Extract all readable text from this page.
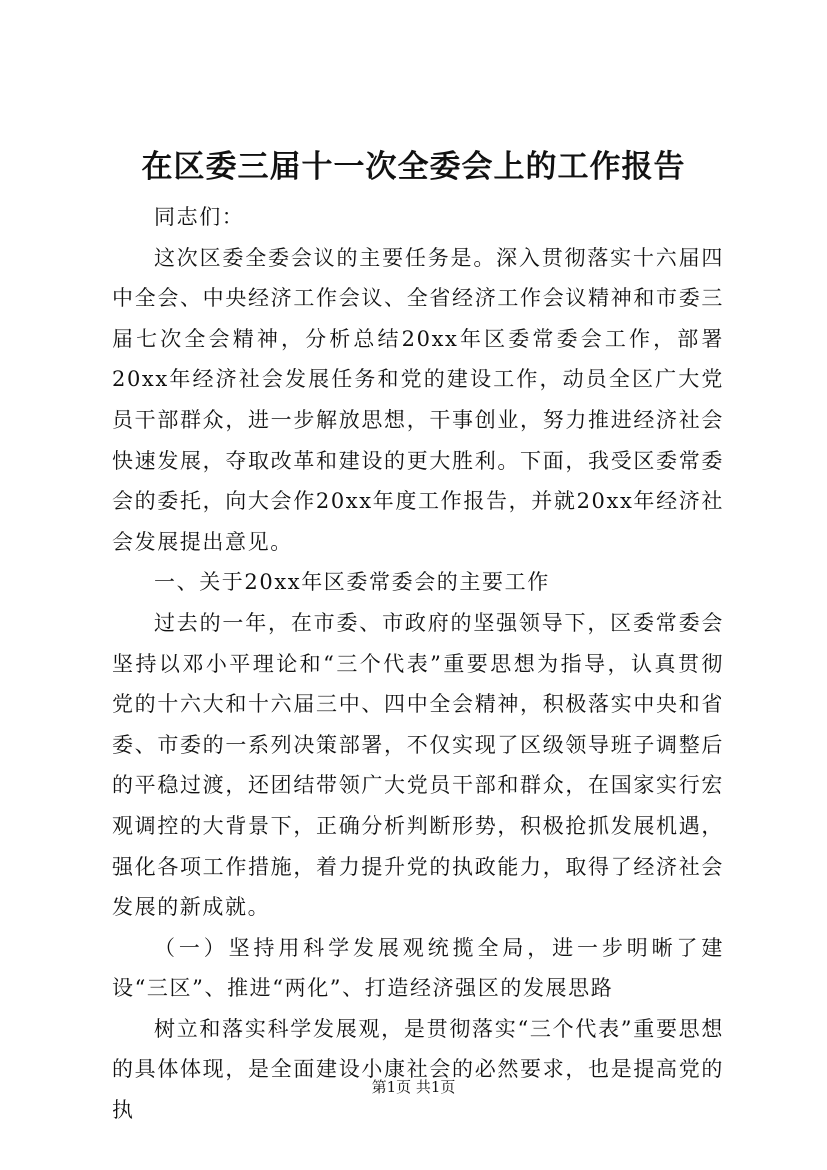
在区委三届十一次全委会上的工作报告

同志们：

这次区委全委会议的主要任务是。深入贯彻落实十六届四中全会、中央经济工作会议、全省经济工作会议精神和市委三届七次全会精神，分析总结20xx年区委常委会工作，部署20xx年经济社会发展任务和党的建设工作，动员全区广大党员干部群众，进一步解放思想，干事创业，努力推进经济社会快速发展，夺取改革和建设的更大胜利。下面，我受区委常委会的委托，向大会作20xx年度工作报告，并就20xx年经济社会发展提出意见。

一、关于20xx年区委常委会的主要工作

过去的一年，在市委、市政府的坚强领导下，区委常委会坚持以邓小平理论和“三个代表”重要思想为指导，认真贯彻党的十六大和十六届三中、四中全会精神，积极落实中央和省委、市委的一系列决策部署，不仅实现了区级领导班子调整后的平稳过渡，还团结带领广大党员干部和群众，在国家实行宏观调控的大背景下，正确分析判断形势，积极抢抓发展机遇，强化各项工作措施，着力提升党的执政能力，取得了经济社会发展的新成就。

（一）坚持用科学发展观统揽全局，进一步明晰了建设“三区”、推进“两化”、打造经济强区的发展思路

树立和落实科学发展观，是贯彻落实“三个代表”重要思想的具体体现，是全面建设小康社会的必然要求，也是提高党的执

第1页 共1页
